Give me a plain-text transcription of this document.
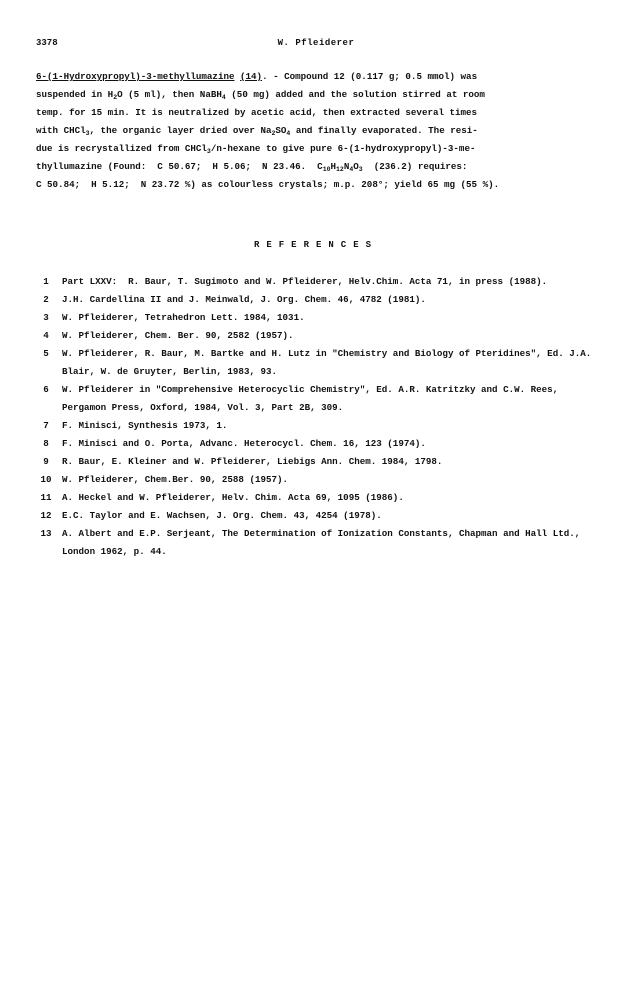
3378	W. Pfleiderer
6-(1-Hydroxypropyl)-3-methyllumazine (14). - Compound 12 (0.117 g; 0.5 mmol) was
suspended in $H_2O$ (5 ml), then NaBH$_4$ (50 mg) added and the solution stirred at room
temp. for 15 min. It is neutralized by acetic acid, then extracted several times
with CHCl$_3$, the organic layer dried over $Na_2SO_4$ and finally evaporated. The resi-
due is recrystallized from CHCl$_3$/n-hexane to give pure 6-(1-hydroxypropyl)-3-me-
thyllumazine (Found:  C 50.67;  H 5.06;  N 23.46.  $C_{10}H_{12}N_4O_3$  (236.2) requires:
C 50.84;  H 5.12;  N 23.72 %) as colourless crystals; m.p. 208°; yield 65 mg (55 %).
REFERENCES
1	Part LXXV:  R. Baur, T. Sugimoto and W. Pfleiderer, Helv.Chim. Acta 71, in press (1988).
2	J.H. Cardellina II and J. Meinwald, J. Org. Chem. 46, 4782 (1981).
3	W. Pfleiderer, Tetrahedron Lett. 1984, 1031.
4	W. Pfleiderer, Chem. Ber. 90, 2582 (1957).
5	W. Pfleiderer, R. Baur, M. Bartke and H. Lutz in "Chemistry and Biology of Pteridines", Ed. J.A. Blair, W. de Gruyter, Berlin, 1983, 93.
6	W. Pfleiderer in "Comprehensive Heterocyclic Chemistry", Ed. A.R. Katritzky and C.W. Rees, Pergamon Press, Oxford, 1984, Vol. 3, Part 2B, 309.
7	F. Minisci, Synthesis 1973, 1.
8	F. Minisci and O. Porta, Advanc. Heterocycl. Chem. 16, 123 (1974).
9	R. Baur, E. Kleiner and W. Pfleiderer, Liebigs Ann. Chem. 1984, 1798.
10	W. Pfleiderer, Chem.Ber. 90, 2588 (1957).
11	A. Heckel and W. Pfleiderer, Helv. Chim. Acta 69, 1095 (1986).
12	E.C. Taylor and E. Wachsen, J. Org. Chem. 43, 4254 (1978).
13	A. Albert and E.P. Serjeant, The Determination of Ionization Constants, Chapman and Hall Ltd., London 1962, p. 44.
